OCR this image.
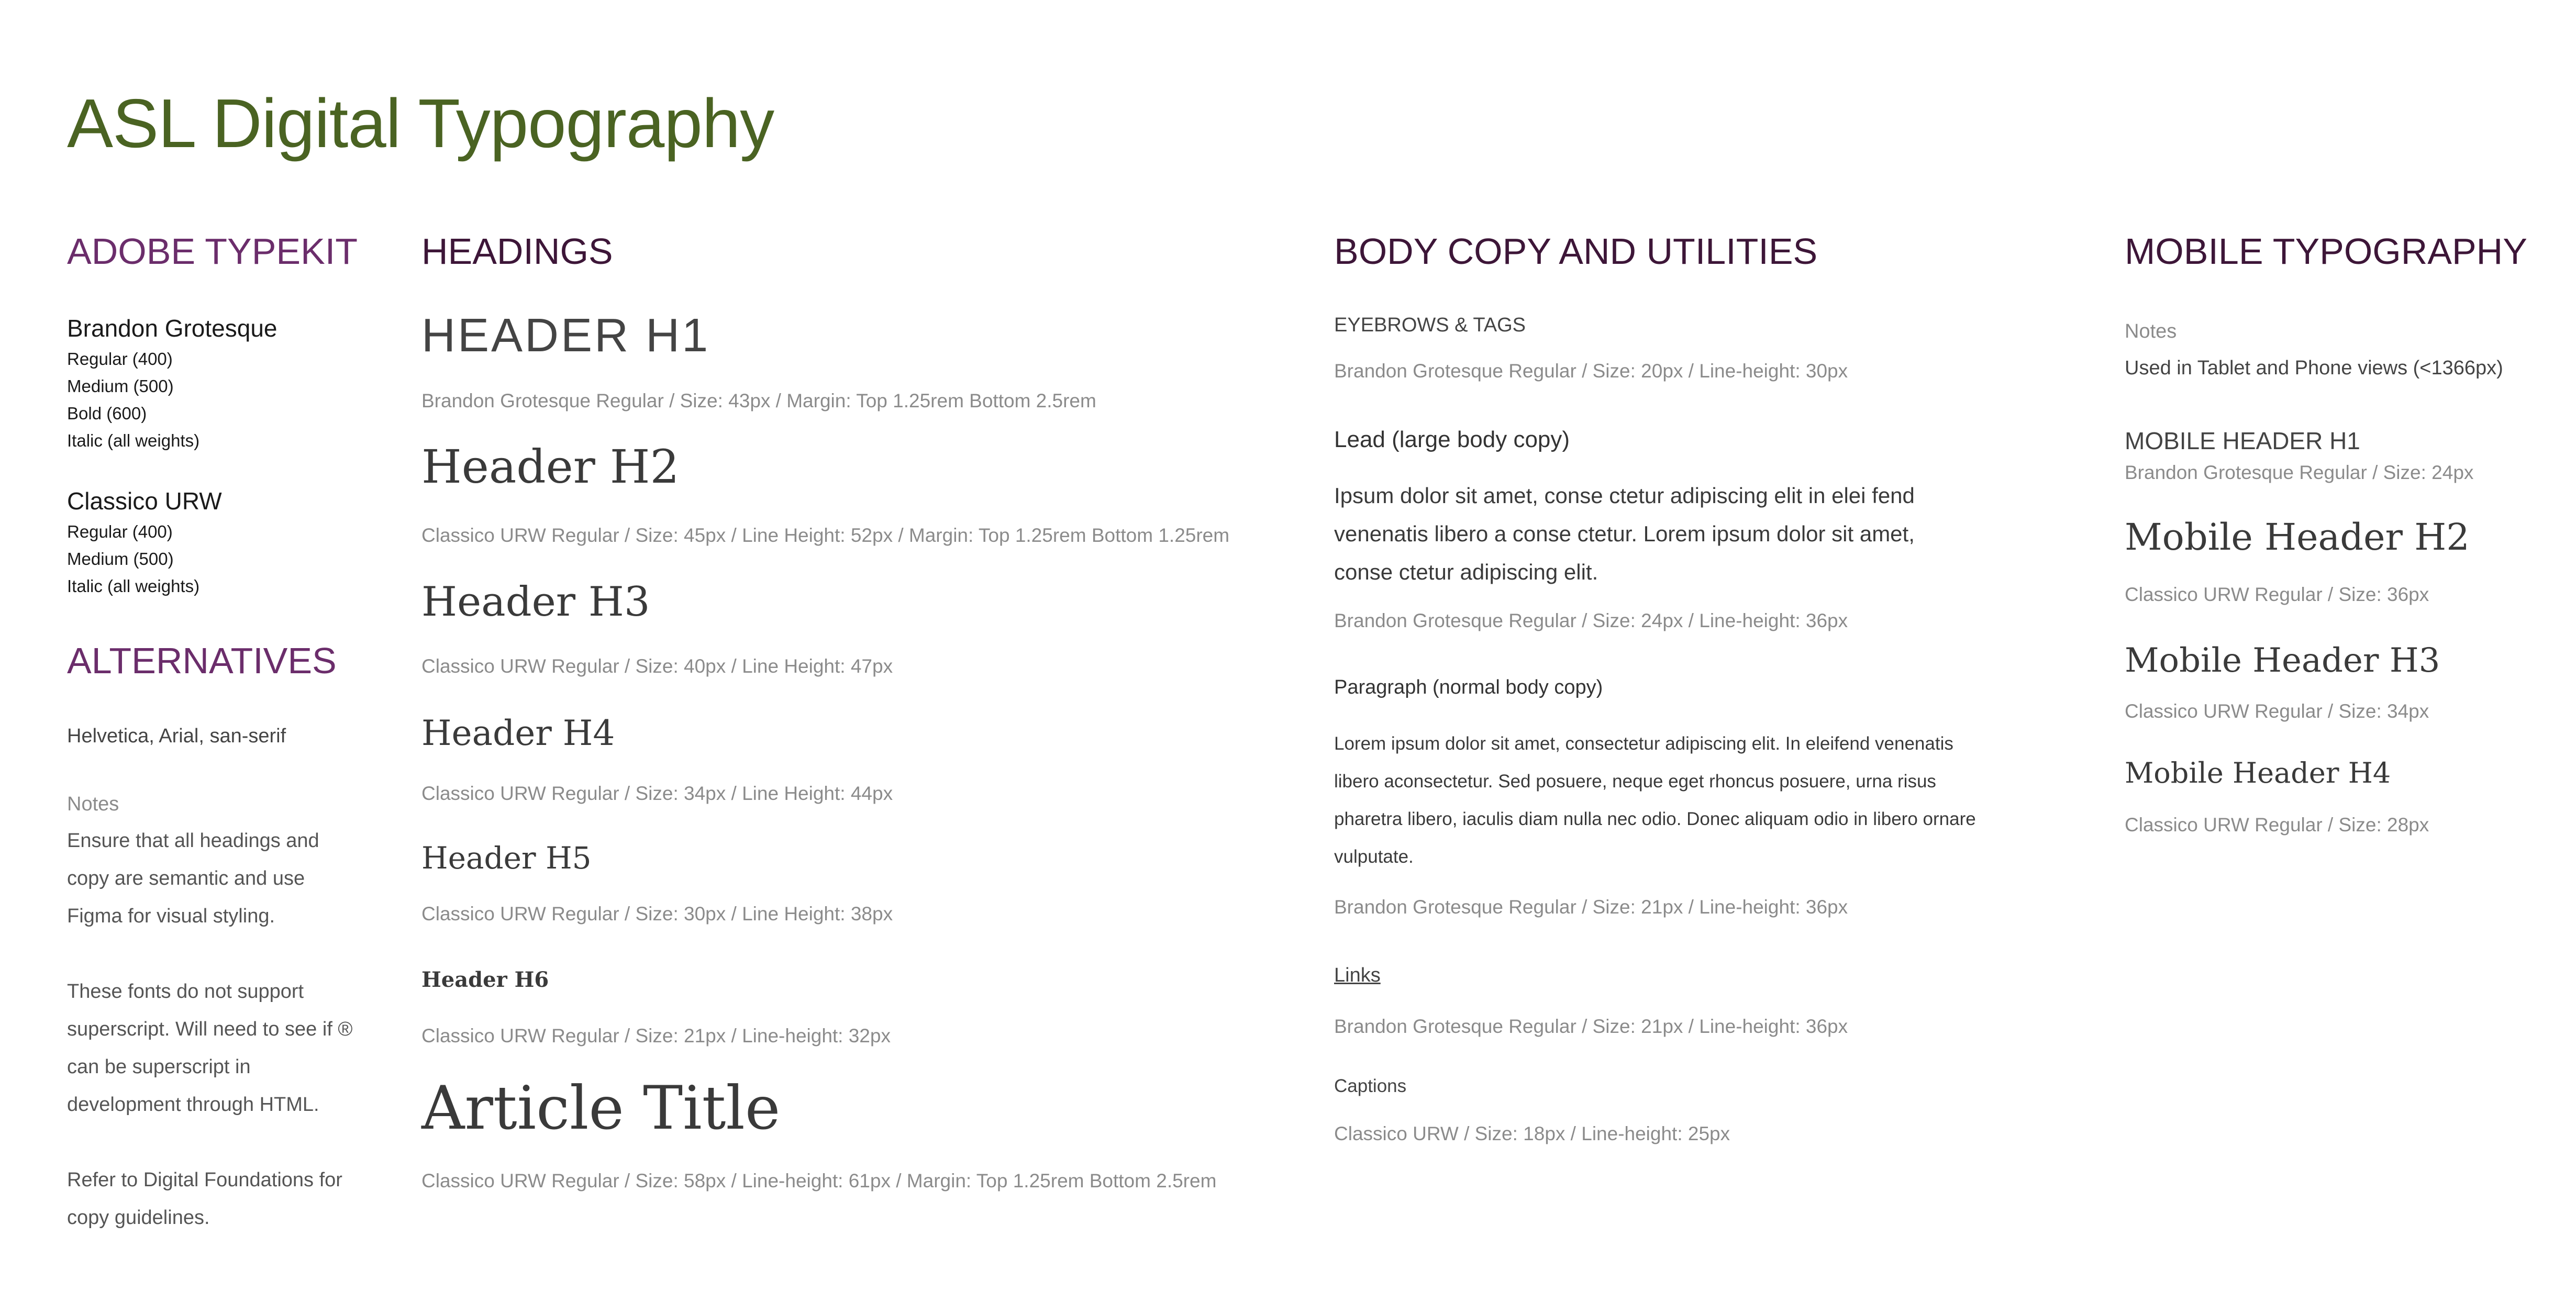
ASL Digital Typography
ADOBE TYPEKIT
Brandon Grotesque
Regular (400)
Medium (500)
Bold (600)
Italic (all weights)
Classico URW
Regular (400)
Medium (500)
Italic (all weights)
ALTERNATIVES
Helvetica, Arial, san-serif
Notes
Ensure that all headings and copy are semantic and use Figma for visual styling.
These fonts do not support superscript. Will need to see if ® can be superscript in development through HTML.
Refer to Digital Foundations for copy guidelines.
HEADINGS
HEADER H1
Brandon Grotesque Regular / Size: 43px / Margin: Top 1.25rem Bottom 2.5rem
Header H2
Classico URW Regular / Size: 45px / Line Height: 52px / Margin: Top 1.25rem Bottom 1.25rem
Header H3
Classico URW Regular / Size: 40px / Line Height: 47px
Header H4
Classico URW Regular / Size: 34px / Line Height: 44px
Header H5
Classico URW Regular / Size: 30px / Line Height: 38px
Header H6
Classico URW Regular / Size: 21px / Line-height: 32px
Article Title
Classico URW Regular / Size: 58px / Line-height: 61px / Margin: Top 1.25rem Bottom 2.5rem
BODY COPY AND UTILITIES
EYEBROWS & TAGS
Brandon Grotesque Regular / Size: 20px / Line-height: 30px
Lead (large body copy)
Ipsum dolor sit amet, conse ctetur adipiscing elit in elei fend venenatis libero a conse ctetur. Lorem ipsum dolor sit amet, conse ctetur adipiscing elit.
Brandon Grotesque Regular / Size: 24px / Line-height: 36px
Paragraph (normal body copy)
Lorem ipsum dolor sit amet, consectetur adipiscing elit. In eleifend venenatis libero aconsectetur. Sed posuere, neque eget rhoncus posuere, urna risus pharetra libero, iaculis diam nulla nec odio. Donec aliquam odio in libero ornare vulputate.
Brandon Grotesque Regular / Size: 21px / Line-height: 36px
Links
Brandon Grotesque Regular / Size: 21px / Line-height: 36px
Captions
Classico URW / Size: 18px / Line-height: 25px
MOBILE TYPOGRAPHY
Notes
Used in Tablet and Phone views (<1366px)
MOBILE HEADER H1
Brandon Grotesque Regular / Size: 24px
Mobile Header H2
Classico URW Regular / Size: 36px
Mobile Header H3
Classico URW Regular / Size: 34px
Mobile Header H4
Classico URW Regular / Size: 28px
